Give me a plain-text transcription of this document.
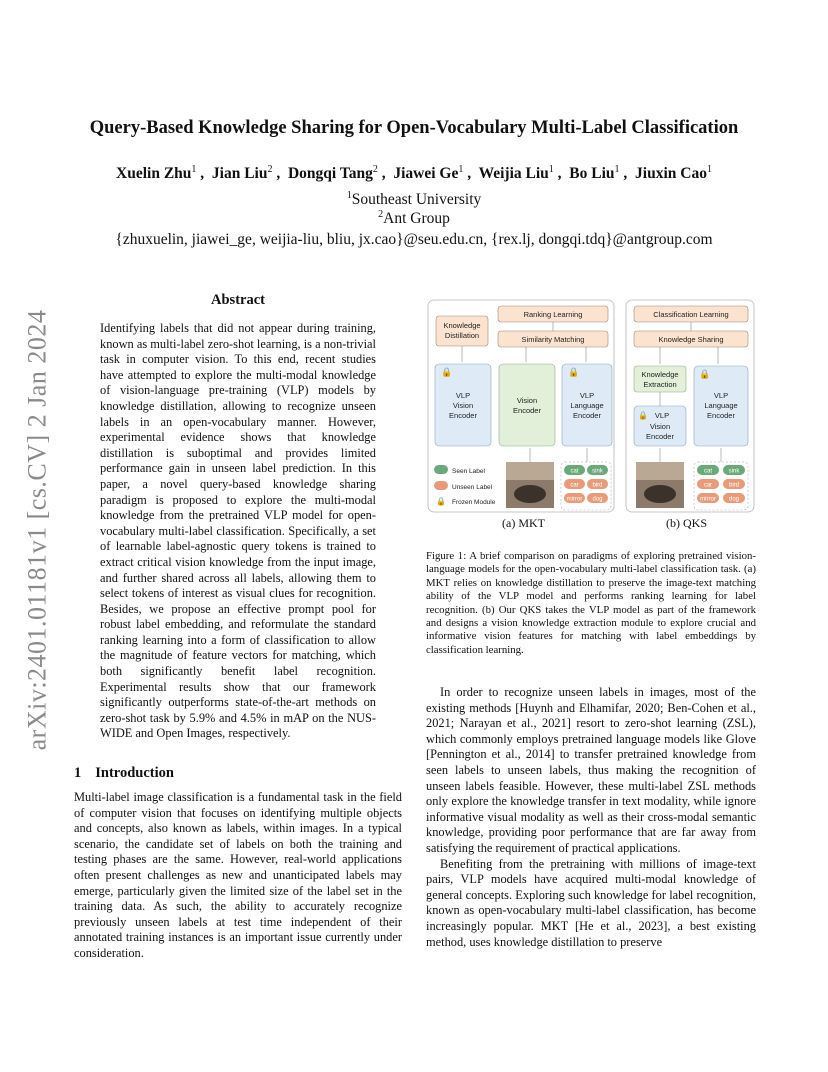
arXiv:2401.01181v1 [cs.CV] 2 Jan 2024
Query-Based Knowledge Sharing for Open-Vocabulary Multi-Label Classification
Xuelin Zhu$^1$ ,  Jian Liu$^2$ ,  Dongqi Tang$^2$ ,  Jiawei Ge$^1$ ,  Weijia Liu$^1$ ,  Bo Liu$^1$ ,  Jiuxin Cao$^1$
$^1$Southeast University
$^2$Ant Group
{zhuxuelin, jiawei_ge, weijia-liu, bliu, jx.cao}@seu.edu.cn, {rex.lj, dongqi.tdq}@antgroup.com
Abstract
Identifying labels that did not appear during training, known as multi-label zero-shot learning, is a non-trivial task in computer vision. To this end, recent studies have attempted to explore the multi-modal knowledge of vision-language pre-training (VLP) models by knowledge distillation, allowing to recognize unseen labels in an open-vocabulary manner. However, experimental evidence shows that knowledge distillation is suboptimal and provides limited performance gain in unseen label prediction. In this paper, a novel query-based knowledge sharing paradigm is proposed to explore the multi-modal knowledge from the pretrained VLP model for open-vocabulary multi-label classification. Specifically, a set of learnable label-agnostic query tokens is trained to extract critical vision knowledge from the input image, and further shared across all labels, allowing them to select tokens of interest as visual clues for recognition. Besides, we propose an effective prompt pool for robust label embedding, and reformulate the standard ranking learning into a form of classification to allow the magnitude of feature vectors for matching, which both significantly benefit label recognition. Experimental results show that our framework significantly outperforms state-of-the-art methods on zero-shot task by 5.9% and 4.5% in mAP on the NUS-WIDE and Open Images, respectively.
1 Introduction
Multi-label image classification is a fundamental task in the field of computer vision that focuses on identifying multiple objects and concepts, also known as labels, within images. In a typical scenario, the candidate set of labels on both the training and testing phases are the same. However, real-world applications often present challenges as new and unanticipated labels may emerge, particularly given the limited size of the label set in the training data. As such, the ability to accurately recognize previously unseen labels at test time independent of their annotated training instances is an important issue currently under consideration.
Ranking Learning
Knowledge
Distillation	Similarity Matching
🔒
VLP
Vision
Encoder
Vision
Encoder
🔒
VLP
Language
Encoder
Seen Label
Unseen Label
🔒 Frozen Module
cat sink
car bird
mirror dog
Classification Learning
Knowledge Sharing
Knowledge
Extraction
🔒 VLP
Vision
Encoder
🔒
VLP
Language
Encoder
cat	sink
car	bird
mirror dog
(a) MKT	(b) QKS
Figure 1: A brief comparison on paradigms of exploring pretrained vision-language models for the open-vocabulary multi-label classification task. (a) MKT relies on knowledge distillation to preserve the image-text matching ability of the VLP model and performs ranking learning for label recognition. (b) Our QKS takes the VLP model as part of the framework and designs a vision knowledge extraction module to explore crucial and informative vision features for matching with label embeddings by classification learning.

In order to recognize unseen labels in images, most of the existing methods [Huynh and Elhamifar, 2020; Ben-Cohen et al., 2021; Narayan et al., 2021] resort to zero-shot learning (ZSL), which commonly employs pretrained language models like Glove [Pennington et al., 2014] to transfer pretrained knowledge from seen labels to unseen labels, thus making the recognition of unseen labels feasible. However, these multi-label ZSL methods only explore the knowledge transfer in text modality, while ignore informative visual modality as well as their cross-modal semantic knowledge, providing poor performance that are far away from satisfying the requirement of practical applications.

Benefiting from the pretraining with millions of image-text pairs, VLP models have acquired multi-modal knowledge of general concepts. Exploring such knowledge for label recognition, known as open-vocabulary multi-label classification, has become increasingly popular. MKT [He et al., 2023], a best existing method, uses knowledge distillation to preserve
